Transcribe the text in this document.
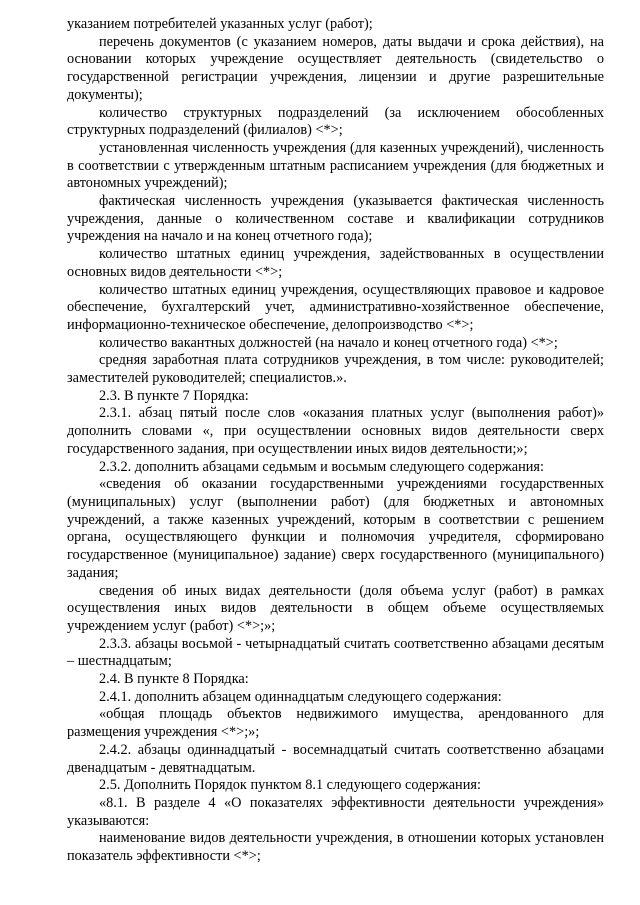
указанием потребителей указанных услуг (работ);

перечень документов (с указанием номеров, даты выдачи и срока действия), на основании которых учреждение осуществляет деятельность (свидетельство о государственной регистрации учреждения, лицензии и другие разрешительные документы);

количество структурных подразделений (за исключением обособленных структурных подразделений (филиалов) <*>;

установленная численность учреждения (для казенных учреждений), численность в соответствии с утвержденным штатным расписанием учреждения (для бюджетных и автономных учреждений);

фактическая численность учреждения (указывается фактическая численность учреждения, данные о количественном составе и квалификации сотрудников учреждения на начало и на конец отчетного года);

количество штатных единиц учреждения, задействованных в осуществлении основных видов деятельности <*>;

количество штатных единиц учреждения, осуществляющих правовое и кадровое обеспечение, бухгалтерский учет, административно-хозяйственное обеспечение, информационно-техническое обеспечение, делопроизводство <*>;

количество вакантных должностей (на начало и конец отчетного года) <*>;

средняя заработная плата сотрудников учреждения, в том числе: руководителей; заместителей руководителей; специалистов.».

2.3. В пункте 7 Порядка:

2.3.1. абзац пятый после слов «оказания платных услуг (выполнения работ)» дополнить словами «, при осуществлении основных видов деятельности сверх государственного задания, при осуществлении иных видов деятельности;»;

2.3.2. дополнить абзацами седьмым и восьмым следующего содержания:

«сведения об оказании государственными учреждениями государственных (муниципальных) услуг (выполнении работ) (для бюджетных и автономных учреждений, а также казенных учреждений, которым в соответствии с решением органа, осуществляющего функции и полномочия учредителя, сформировано государственное (муниципальное) задание) сверх государственного (муниципального) задания;

сведения об иных видах деятельности (доля объема услуг (работ) в рамках осуществления иных видов деятельности в общем объеме осуществляемых учреждением услуг (работ) <*>;»;

2.3.3. абзацы восьмой - четырнадцатый считать соответственно абзацами десятым – шестнадцатым;

2.4. В пункте 8 Порядка:

2.4.1. дополнить абзацем одиннадцатым следующего содержания:

«общая площадь объектов недвижимого имущества, арендованного для размещения учреждения <*>;»;

2.4.2. абзацы одиннадцатый - восемнадцатый считать соответственно абзацами двенадцатым - девятнадцатым.

2.5. Дополнить Порядок пунктом 8.1 следующего содержания:

«8.1. В разделе 4 «О показателях эффективности деятельности учреждения» указываются:

наименование видов деятельности учреждения, в отношении которых установлен показатель эффективности <*>;
